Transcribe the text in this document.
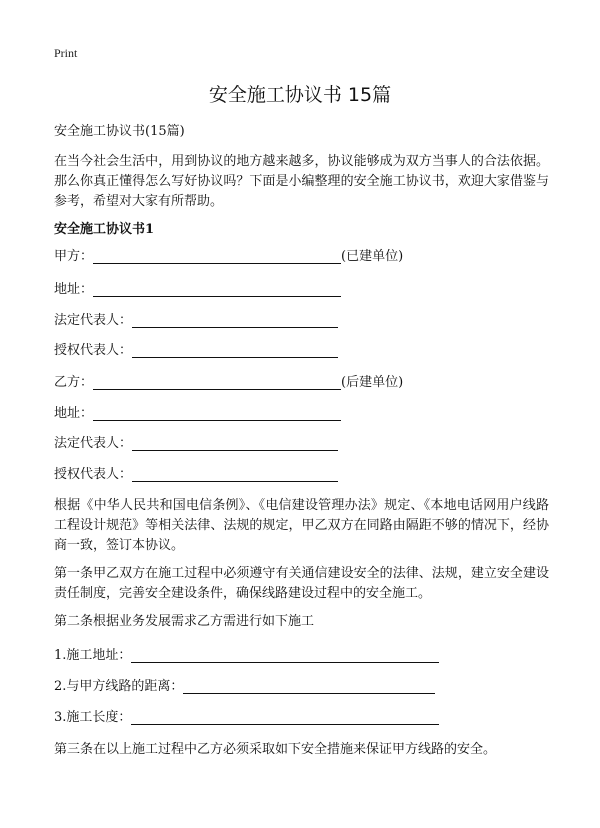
Print
安全施工协议书 15篇
安全施工协议书(15篇)
在当今社会生活中，用到协议的地方越来越多，协议能够成为双方当事人的合法依据。那么你真正懂得怎么写好协议吗？下面是小编整理的安全施工协议书，欢迎大家借鉴与参考，希望对大家有所帮助。
安全施工协议书1
甲方：	(已建单位)
地址：
法定代表人：
授权代表人：
乙方：	(后建单位)
地址：
法定代表人：
授权代表人：
根据《中华人民共和国电信条例》、《电信建设管理办法》规定、《本地电话网用户线路工程设计规范》等相关法律、法规的规定，甲乙双方在同路由隔距不够的情况下，经协商一致，签订本协议。
第一条甲乙双方在施工过程中必须遵守有关通信建设安全的法律、法规，建立安全建设责任制度，完善安全建设条件，确保线路建设过程中的安全施工。
第二条根据业务发展需求乙方需进行如下施工
1.施工地址：
2.与甲方线路的距离：
3.施工长度：
第三条在以上施工过程中乙方必须采取如下安全措施来保证甲方线路的安全。
